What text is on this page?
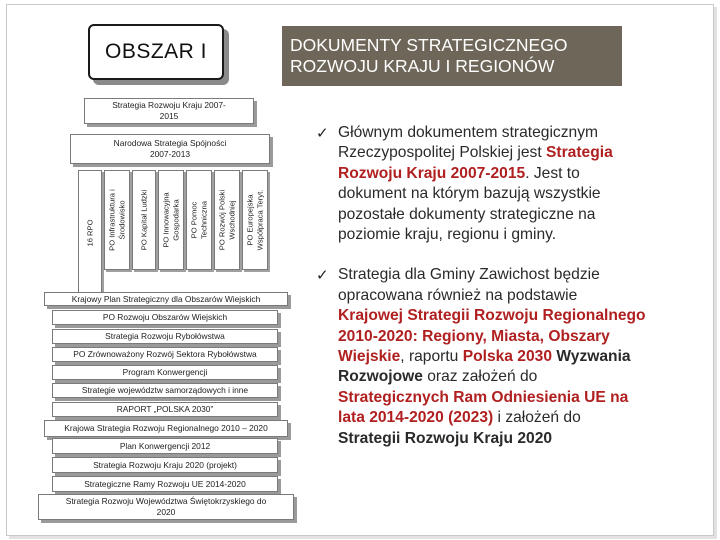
OBSZAR I	DOKUMENTY STRATEGICZNEGO
ROZWOJU KRAJU I REGIONÓW
Strategia Rozwoju Kraju 2007-
2015
Narodowa Strategia Spójności
2007-2013
16 RPO PO Infrastruktura i Środowisko PO Kapitał Ludzki PO Innowacyjna Gospodarka PO Pomoc Techniczna PO Rozwój Polski Wschodniej PO Europejska Współpraca Teryt.
Krajowy Plan Strategiczny dla Obszarów Wiejskich
PO Rozwoju Obszarów Wiejskich
Strategia Rozwoju Rybołówstwa
PO Zrównoważony Rozwój Sektora Rybołówstwa
Program Konwergencji
Strategie województw samorządowych i inne
RAPORT „POLSKA 2030”
Krajowa Strategia Rozwoju Regionalnego 2010 – 2020
Plan Konwergencji 2012
Strategia Rozwoju Kraju 2020 (projekt)
Strategiczne Ramy Rozwoju UE 2014-2020
Strategia Rozwoju Województwa Świętokrzyskiego do
2020
✓ Głównym dokumentem strategicznym Rzeczypospolitej Polskiej jest Strategia Rozwoju Kraju 2007-2015. Jest to dokument na którym bazują wszystkie pozostałe dokumenty strategiczne na poziomie kraju, regionu i gminy.
✓ Strategia dla Gminy Zawichost będzie opracowana również na podstawie Krajowej Strategii Rozwoju Regionalnego 2010-2020: Regiony, Miasta, Obszary Wiejskie, raportu Polska 2030 Wyzwania Rozwojowe oraz założeń do Strategicznych Ram Odniesienia UE na lata 2014-2020 (2023) i założeń do Strategii Rozwoju Kraju 2020
